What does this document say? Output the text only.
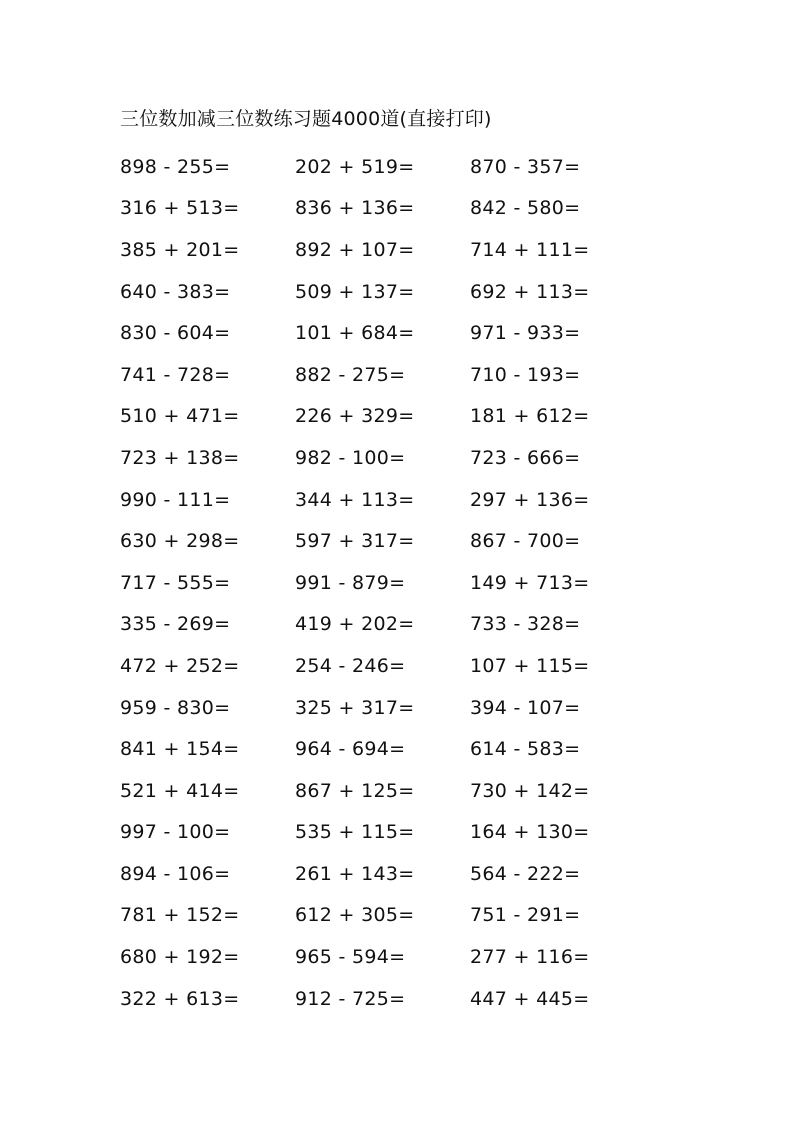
三位数加减三位数练习题4000道(直接打印)
898 - 255=	202 + 519=	870 - 357=
316 + 513=	836 + 136=	842 - 580=
385 + 201=	892 + 107=	714 + 111=
640 - 383=	509 + 137=	692 + 113=
830 - 604=	101 + 684=	971 - 933=
741 - 728=	882 - 275=	710 - 193=
510 + 471=	226 + 329=	181 + 612=
723 + 138=	982 - 100=	723 - 666=
990 - 111=	344 + 113=	297 + 136=
630 + 298=	597 + 317=	867 - 700=
717 - 555=	991 - 879=	149 + 713=
335 - 269=	419 + 202=	733 - 328=
472 + 252=	254 - 246=	107 + 115=
959 - 830=	325 + 317=	394 - 107=
841 + 154=	964 - 694=	614 - 583=
521 + 414=	867 + 125=	730 + 142=
997 - 100=	535 + 115=	164 + 130=
894 - 106=	261 + 143=	564 - 222=
781 + 152=	612 + 305=	751 - 291=
680 + 192=	965 - 594=	277 + 116=
322 + 613=	912 - 725=	447 + 445=
